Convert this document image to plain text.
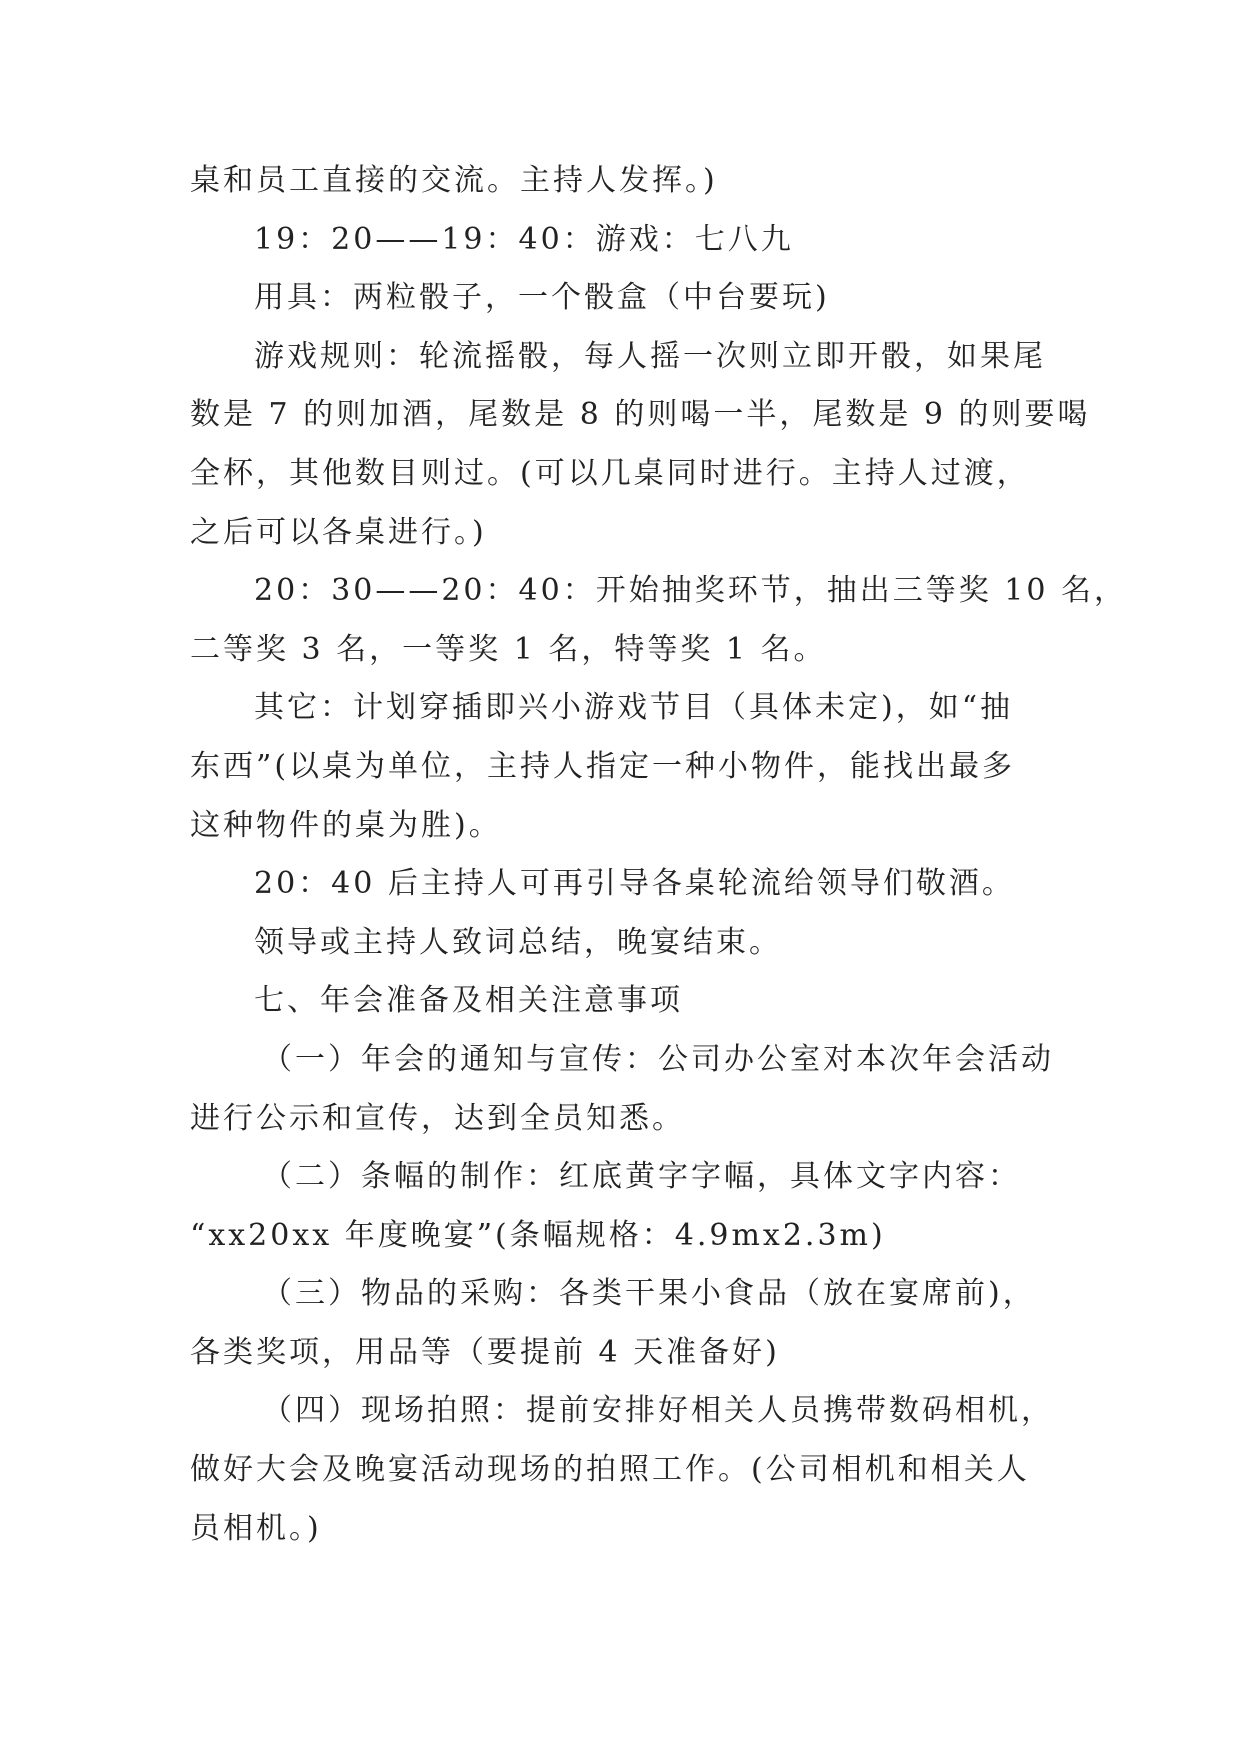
桌和员工直接的交流。主持人发挥。)
19：20——19：40：游戏：七八九
用具：两粒骰子，一个骰盒（中台要玩)
游戏规则：轮流摇骰，每人摇一次则立即开骰，如果尾
数是 7 的则加酒，尾数是 8 的则喝一半，尾数是 9 的则要喝
全杯，其他数目则过。(可以几桌同时进行。主持人过渡，
之后可以各桌进行。)
20：30——20：40：开始抽奖环节，抽出三等奖 10 名，
二等奖 3 名，一等奖 1 名，特等奖 1 名。
其它：计划穿插即兴小游戏节目（具体未定)，如“抽
东西”(以桌为单位，主持人指定一种小物件，能找出最多
这种物件的桌为胜)。
20：40 后主持人可再引导各桌轮流给领导们敬酒。
领导或主持人致词总结，晚宴结束。
七、年会准备及相关注意事项
（一）年会的通知与宣传：公司办公室对本次年会活动
进行公示和宣传，达到全员知悉。
（二）条幅的制作：红底黄字字幅，具体文字内容：
“xx20xx 年度晚宴”(条幅规格：4.9mx2.3m)
（三）物品的采购：各类干果小食品（放在宴席前)，
各类奖项，用品等（要提前 4 天准备好)
（四）现场拍照：提前安排好相关人员携带数码相机，
做好大会及晚宴活动现场的拍照工作。(公司相机和相关人
员相机。)
